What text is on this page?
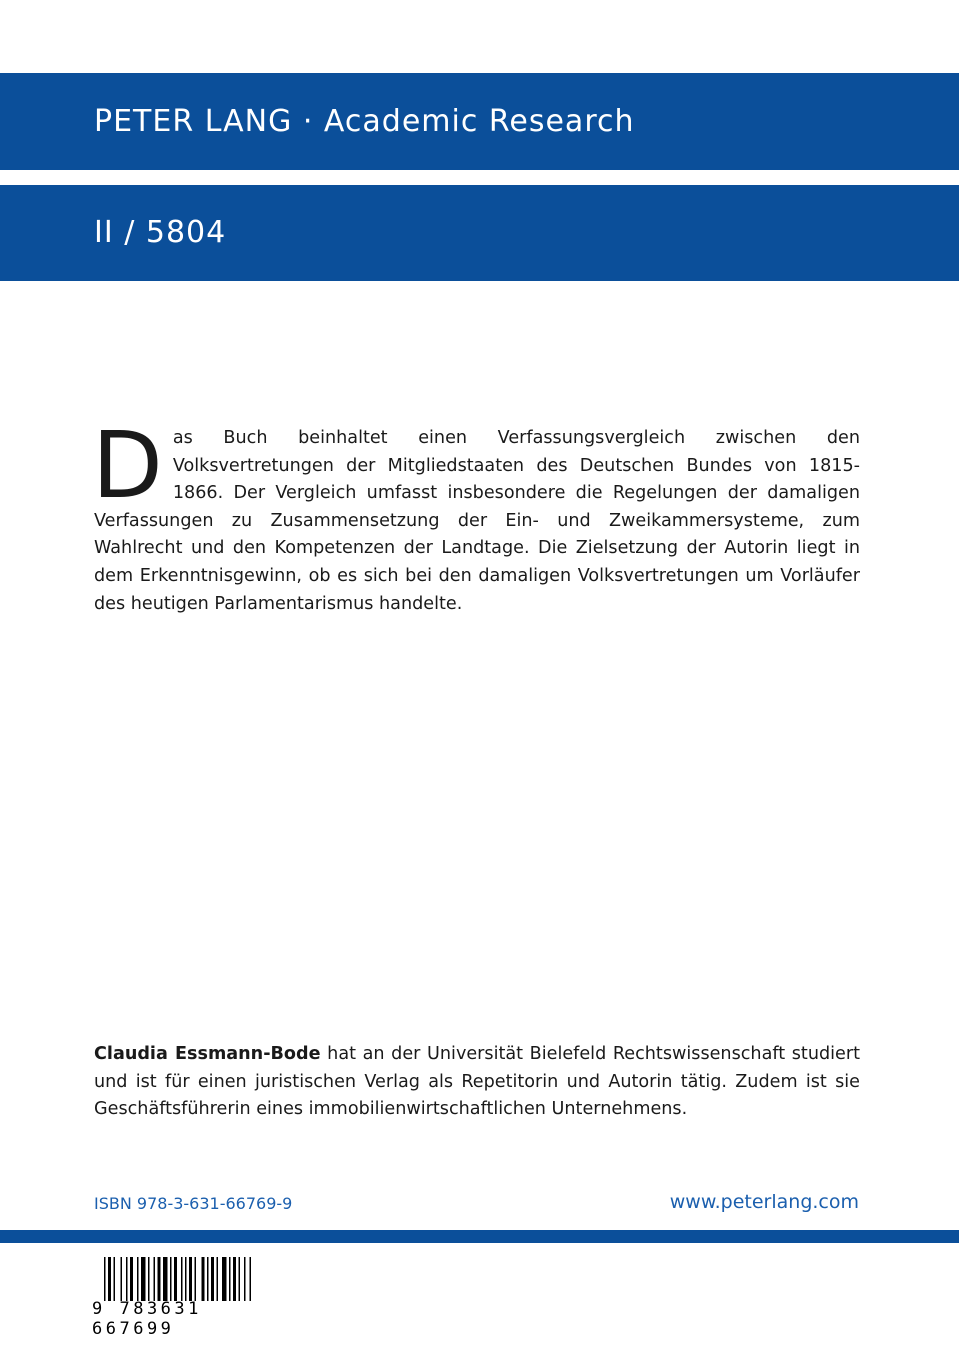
PETER LANG · Academic Research
II / 5804
D as Buch beinhaltet einen Verfassungsvergleich zwischen den Volksvertretungen der Mitgliedstaaten des Deutschen Bundes von 1815-1866. Der Vergleich umfasst insbesondere die Regelungen der damaligen Verfassungen zu Zusammensetzung der Ein- und Zweikammersysteme, zum Wahlrecht und den Kompetenzen der Landtage. Die Zielsetzung der Autorin liegt in dem Erkenntnisgewinn, ob es sich bei den damaligen Volksvertretungen um Vorläufer des heutigen Parlamentarismus handelte.
Claudia Essmann-Bode hat an der Universität Bielefeld Rechtswissenschaft studiert und ist für einen juristischen Verlag als Repetitorin und Autorin tätig. Zudem ist sie Geschäftsführerin eines immobilienwirtschaftlichen Unternehmens.
ISBN 978-3-631-66769-9	www.peterlang.com
9 783631 667699
